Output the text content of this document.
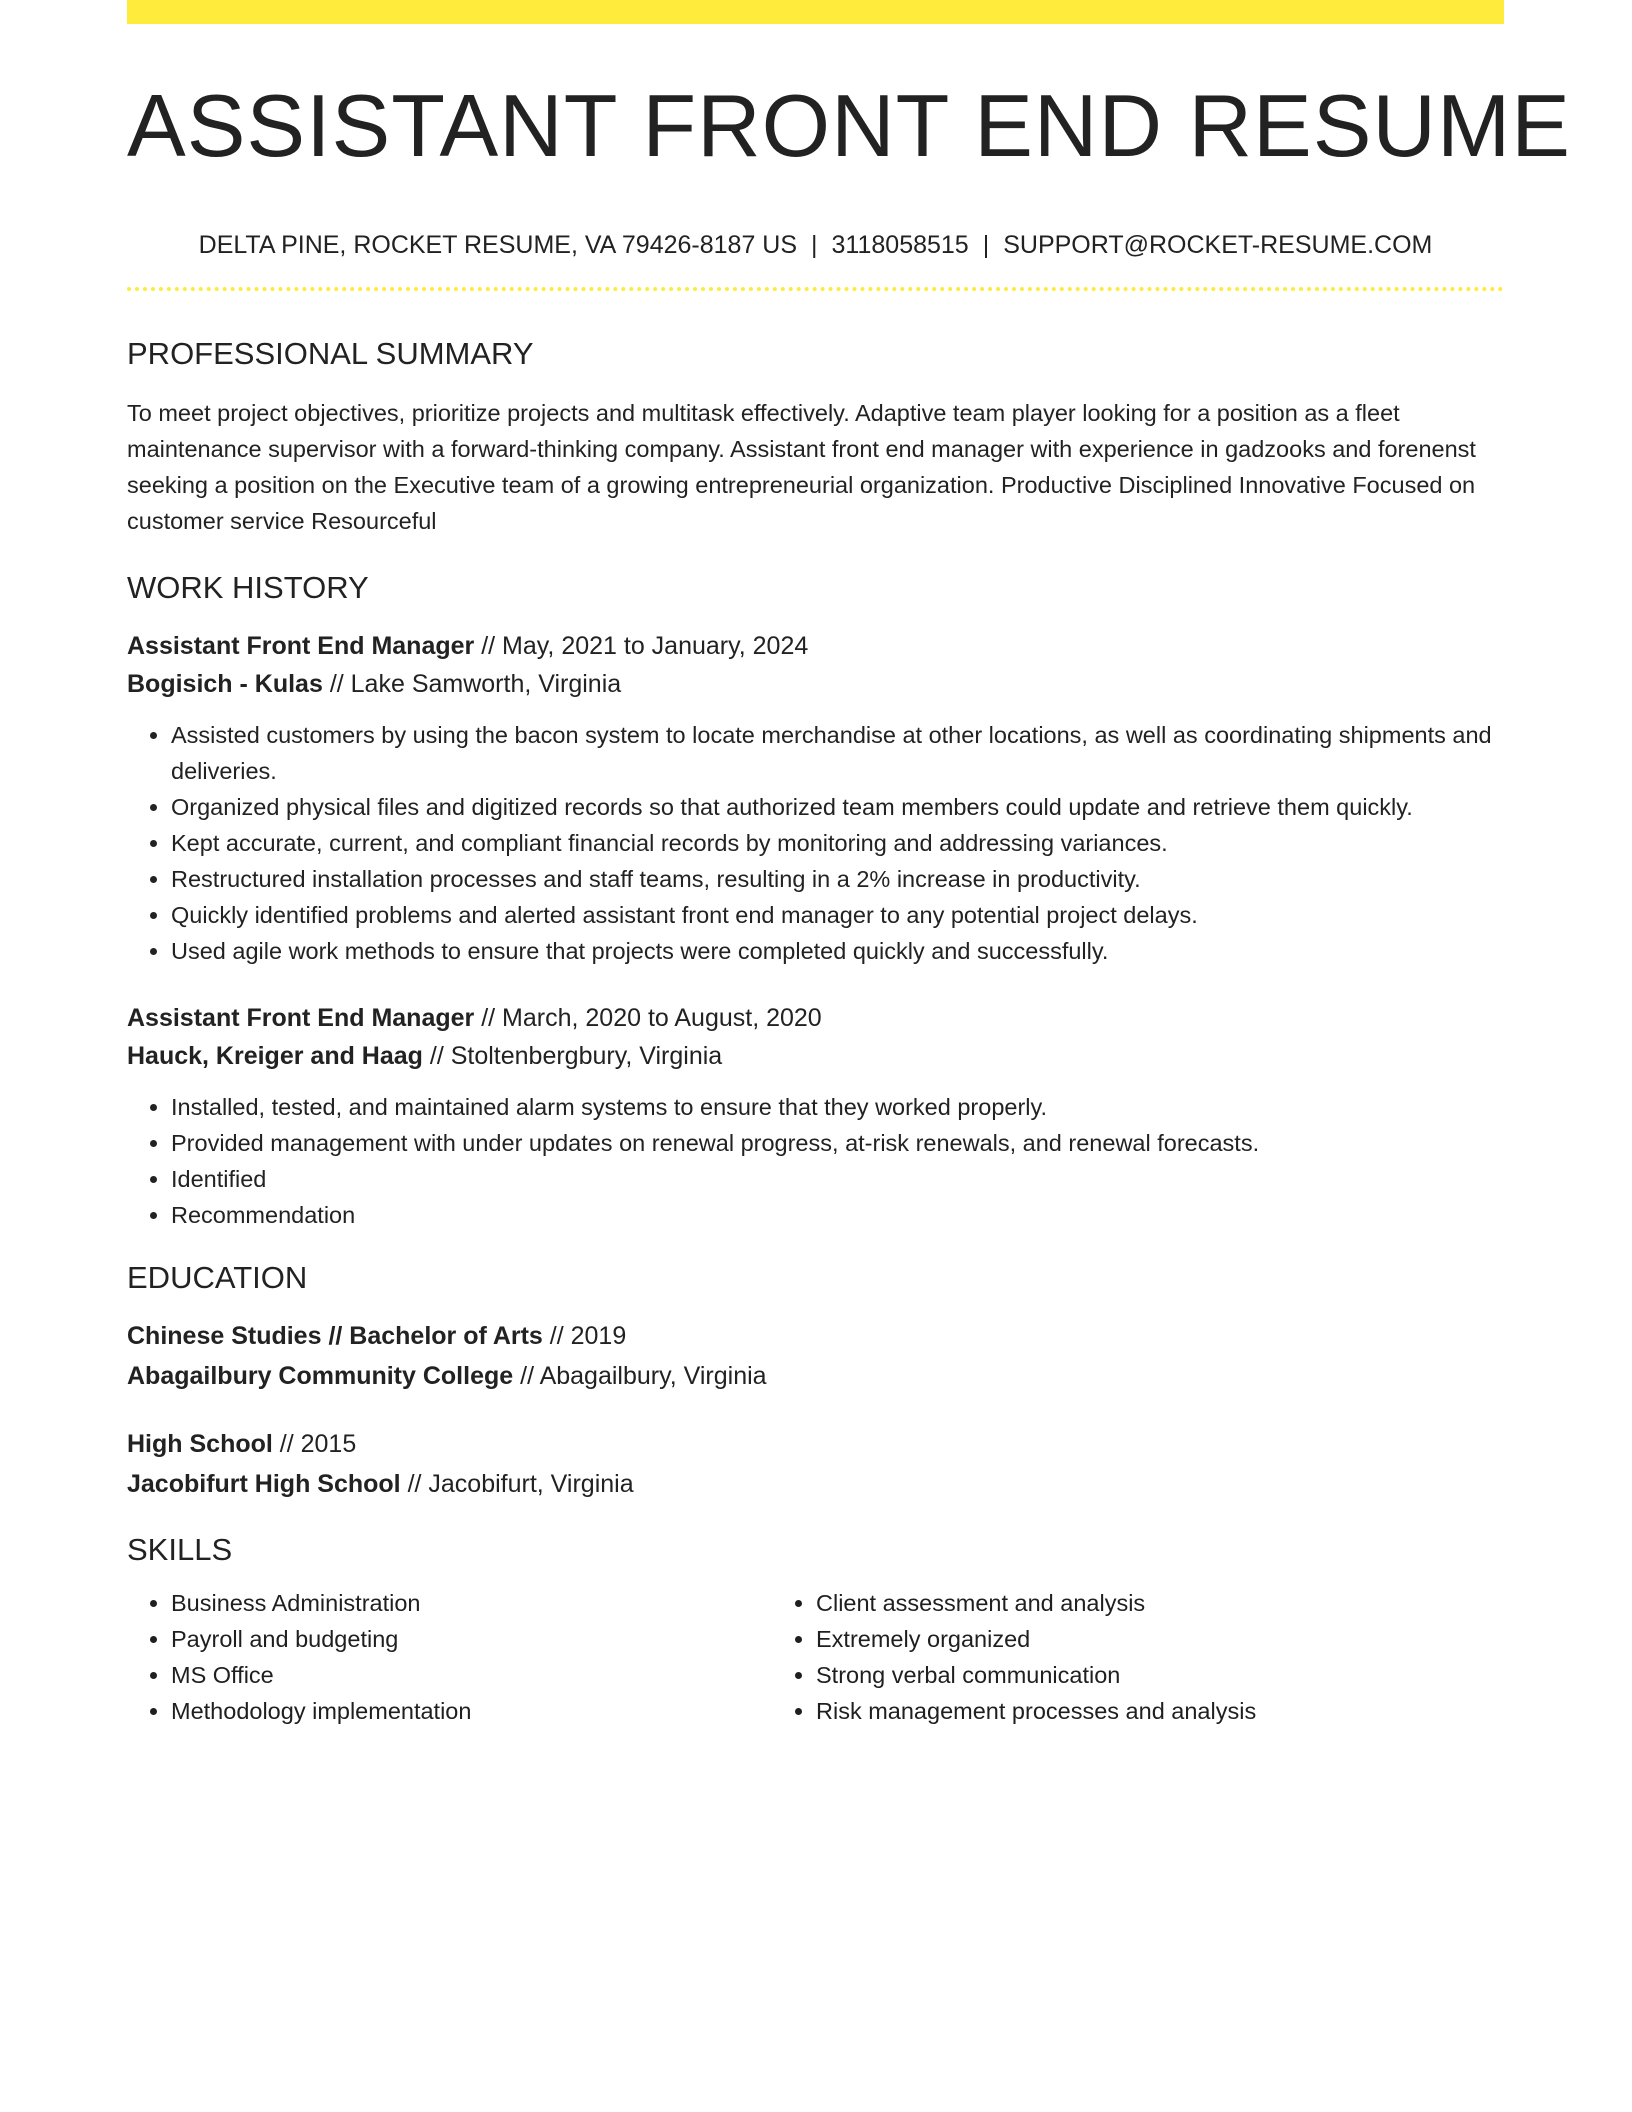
ASSISTANT FRONT END RESUME
DELTA PINE, ROCKET RESUME, VA 79426-8187 US | 3118058515 | SUPPORT@ROCKET-RESUME.COM
PROFESSIONAL SUMMARY

To meet project objectives, prioritize projects and multitask effectively. Adaptive team player looking for a position as a fleet maintenance supervisor with a forward-thinking company. Assistant front end manager with experience in gadzooks and forenenst seeking a position on the Executive team of a growing entrepreneurial organization. Productive Disciplined Innovative Focused on customer service Resourceful

WORK HISTORY
Assistant Front End Manager // May, 2021 to January, 2024
Bogisich - Kulas // Lake Samworth, Virginia
• Assisted customers by using the bacon system to locate merchandise at other locations, as well as coordinating shipments and deliveries.
• Organized physical files and digitized records so that authorized team members could update and retrieve them quickly.
• Kept accurate, current, and compliant financial records by monitoring and addressing variances.
• Restructured installation processes and staff teams, resulting in a 2% increase in productivity.
• Quickly identified problems and alerted assistant front end manager to any potential project delays.
• Used agile work methods to ensure that projects were completed quickly and successfully.
Assistant Front End Manager // March, 2020 to August, 2020
Hauck, Kreiger and Haag // Stoltenbergbury, Virginia
• Installed, tested, and maintained alarm systems to ensure that they worked properly.
• Provided management with under updates on renewal progress, at-risk renewals, and renewal forecasts.
• Identified
• Recommendation
EDUCATION
Chinese Studies // Bachelor of Arts // 2019
Abagailbury Community College // Abagailbury, Virginia
High School // 2015
Jacobifurt High School // Jacobifurt, Virginia
SKILLS
• Business Administration
• Payroll and budgeting
• MS Office
• Methodology implementation
• Client assessment and analysis
• Extremely organized
• Strong verbal communication
• Risk management processes and analysis
